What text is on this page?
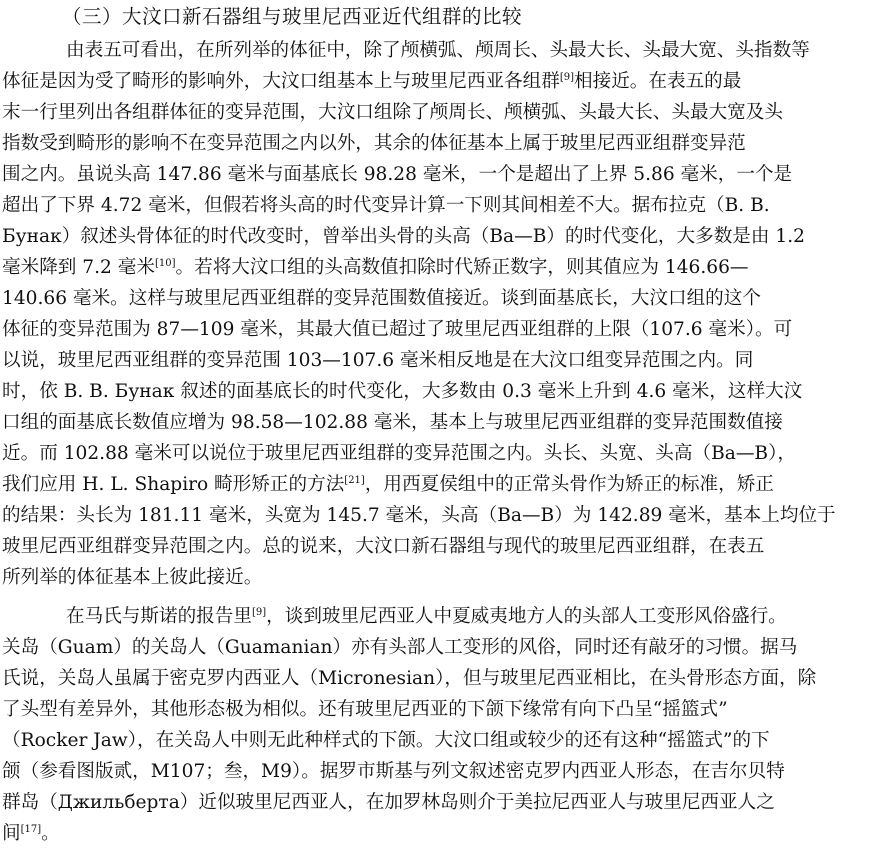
（三）大汶口新石器组与玻里尼西亚近代组群的比较
由表五可看出，在所列举的体征中，除了颅横弧、颅周长、头最大长、头最大宽、头指数等
体征是因为受了畸形的影响外，大汶口组基本上与玻里尼西亚各组群[9]相接近。在表五的最
末一行里列出各组群体征的变异范围，大汶口组除了颅周长、颅横弧、头最大长、头最大宽及头
指数受到畸形的影响不在变异范围之内以外，其余的体征基本上属于玻里尼西亚组群变异范
围之内。虽说头高 147.86 毫米与面基底长 98.28 毫米，一个是超出了上界 5.86 毫米，一个是
超出了下界 4.72 毫米，但假若将头高的时代变异计算一下则其间相差不大。据布拉克（B. B.
Бунак）叙述头骨体征的时代改变时，曾举出头骨的头高（Ba—B）的时代变化，大多数是由 1.2
毫米降到 7.2 毫米[10]。若将大汶口组的头高数值扣除时代矫正数字，则其值应为 146.66—
140.66 毫米。这样与玻里尼西亚组群的变异范围数值接近。谈到面基底长，大汶口组的这个
体征的变异范围为 87—109 毫米，其最大值已超过了玻里尼西亚组群的上限（107.6 毫米）。可
以说，玻里尼西亚组群的变异范围 103—107.6 毫米相反地是在大汶口组变异范围之内。同
时，依 B. B. Бунак 叙述的面基底长的时代变化，大多数由 0.3 毫米上升到 4.6 毫米，这样大汶
口组的面基底长数值应增为 98.58—102.88 毫米，基本上与玻里尼西亚组群的变异范围数值接
近。而 102.88 毫米可以说位于玻里尼西亚组群的变异范围之内。头长、头宽、头高（Ba—B），
我们应用 H. L. Shapiro 畸形矫正的方法[21]，用西夏侯组中的正常头骨作为矫正的标准，矫正
的结果：头长为 181.11 毫米，头宽为 145.7 毫米，头高（Ba—B）为 142.89 毫米，基本上均位于
玻里尼西亚组群变异范围之内。总的说来，大汶口新石器组与现代的玻里尼西亚组群，在表五
所列举的体征基本上彼此接近。
在马氏与斯诺的报告里[9]，谈到玻里尼西亚人中夏威夷地方人的头部人工变形风俗盛行。
关岛（Guam）的关岛人（Guamanian）亦有头部人工变形的风俗，同时还有敲牙的习惯。据马
氏说，关岛人虽属于密克罗内西亚人（Micronesian），但与玻里尼西亚相比，在头骨形态方面，除
了头型有差异外，其他形态极为相似。还有玻里尼西亚的下颌下缘常有向下凸呈“摇篮式”
（Rocker Jaw），在关岛人中则无此种样式的下颌。大汶口组或较少的还有这种“摇篮式”的下
颌（参看图版贰，M107；叁，M9）。据罗市斯基与列文叙述密克罗内西亚人形态，在吉尔贝特
群岛（Джильберта）近似玻里尼西亚人，在加罗林岛则介于美拉尼西亚人与玻里尼西亚人之
间[17]。
